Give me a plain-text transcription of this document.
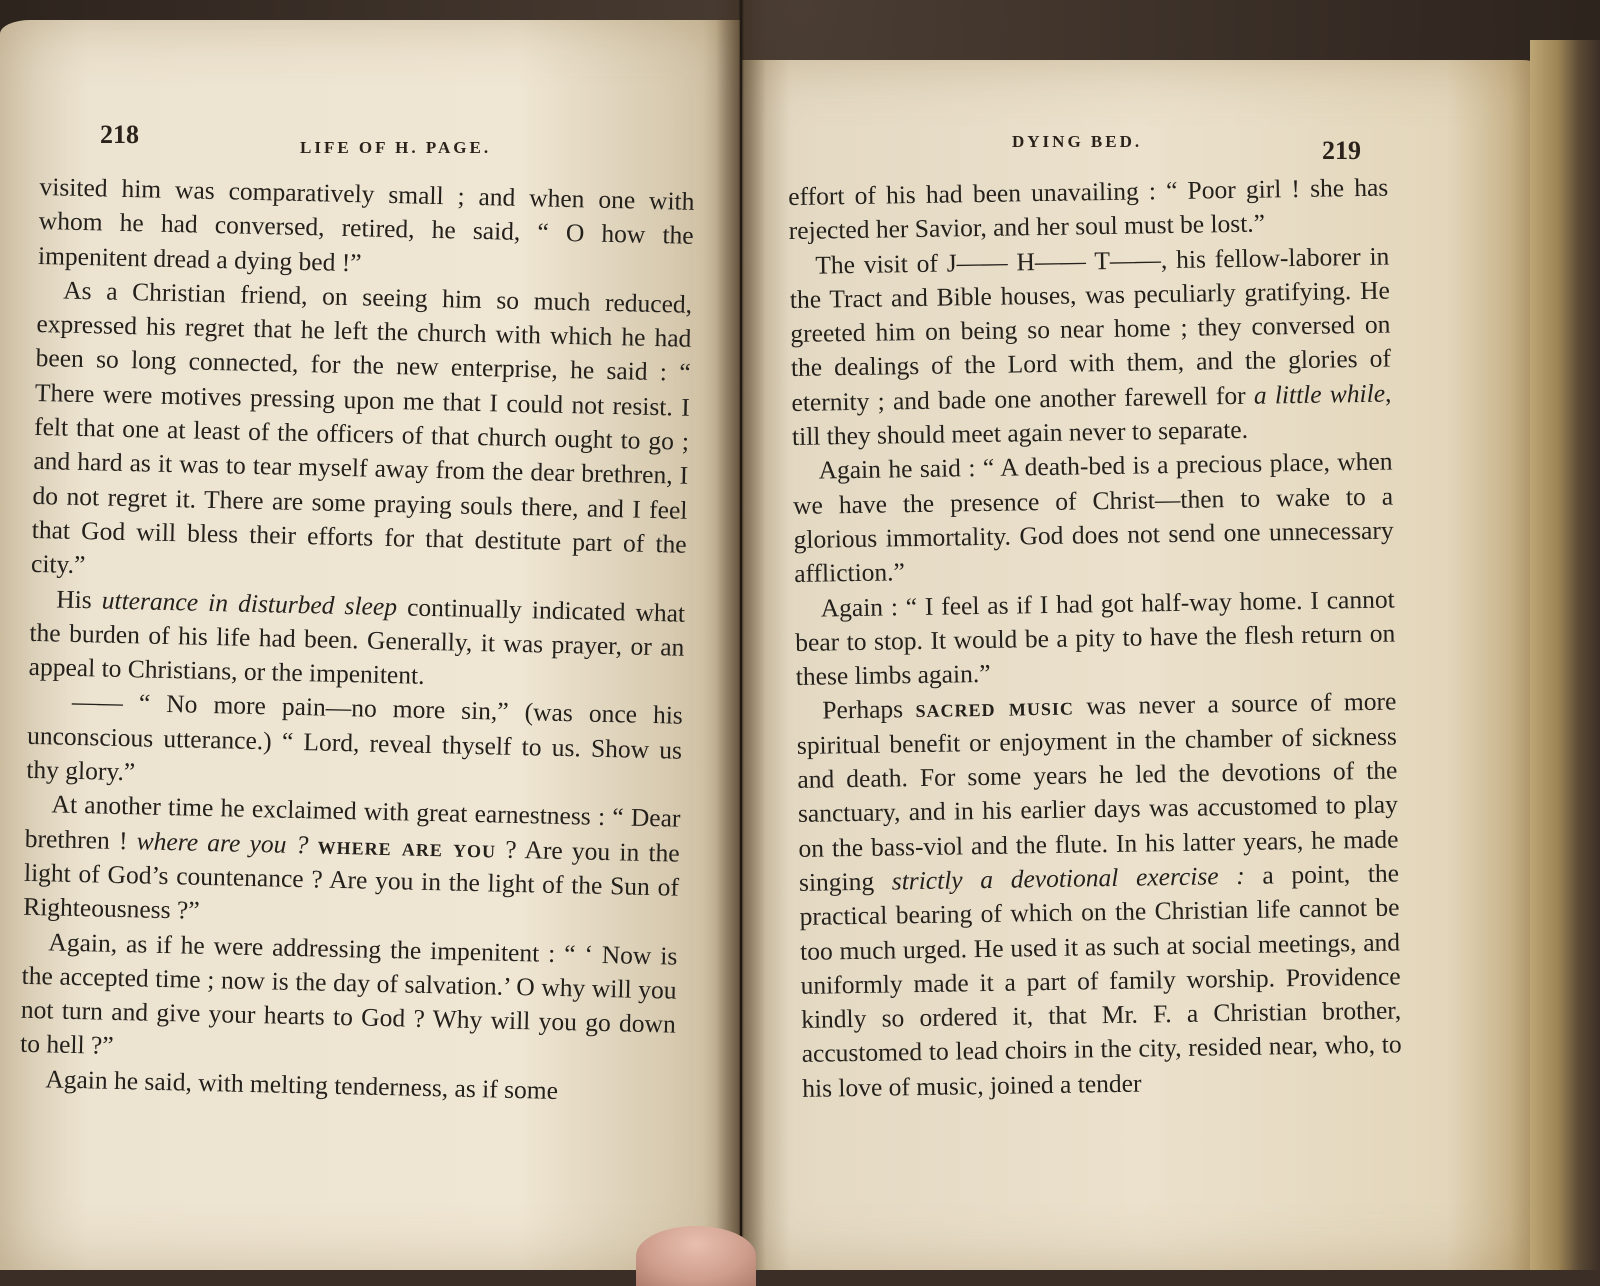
218	LIFE OF H. PAGE.

visited him was comparatively small ; and when one with whom he had conversed, retired, he said, “ O how the impenitent dread a dying bed !”

As a Christian friend, on seeing him so much reduced, expressed his regret that he left the church with which he had been so long connected, for the new enterprise, he said : “ There were motives pressing upon me that I could not resist. I felt that one at least of the officers of that church ought to go ; and hard as it was to tear myself away from the dear brethren, I do not regret it. There are some praying souls there, and I feel that God will bless their efforts for that destitute part of the city.”

His utterance in disturbed sleep continually indicated what the burden of his life had been. Generally, it was prayer, or an appeal to Christians, or the impenitent.

—— “ No more pain—no more sin,” (was once his unconscious utterance.) “ Lord, reveal thyself to us. Show us thy glory.”

At another time he exclaimed with great earnestness : “ Dear brethren ! where are you ? where are you ? Are you in the light of God’s countenance ? Are you in the light of the Sun of Righteousness ?”

Again, as if he were addressing the impenitent : “ ‘ Now is the accepted time ; now is the day of salvation.’ O why will you not turn and give your hearts to God ? Why will you go down to hell ?”

Again he said, with melting tenderness, as if some

DYING BED.	219

effort of his had been unavailing : “ Poor girl ! she has rejected her Savior, and her soul must be lost.”

The visit of J—— H—— T——, his fellow-laborer in the Tract and Bible houses, was peculiarly gratifying. He greeted him on being so near home ; they conversed on the dealings of the Lord with them, and the glories of eternity ; and bade one another farewell for a little while, till they should meet again never to separate.

Again he said : “ A death-bed is a precious place, when we have the presence of Christ—then to wake to a glorious immortality. God does not send one unnecessary affliction.”

Again : “ I feel as if I had got half-way home. I cannot bear to stop. It would be a pity to have the flesh return on these limbs again.”

Perhaps sacred music was never a source of more spiritual benefit or enjoyment in the chamber of sickness and death. For some years he led the devotions of the sanctuary, and in his earlier days was accustomed to play on the bass-viol and the flute. In his latter years, he made singing strictly a devotional exercise : a point, the practical bearing of which on the Christian life cannot be too much urged. He used it as such at social meetings, and uniformly made it a part of family worship. Providence kindly so ordered it, that Mr. F. a Christian brother, accustomed to lead choirs in the city, resided near, who, to his love of music, joined a tender
